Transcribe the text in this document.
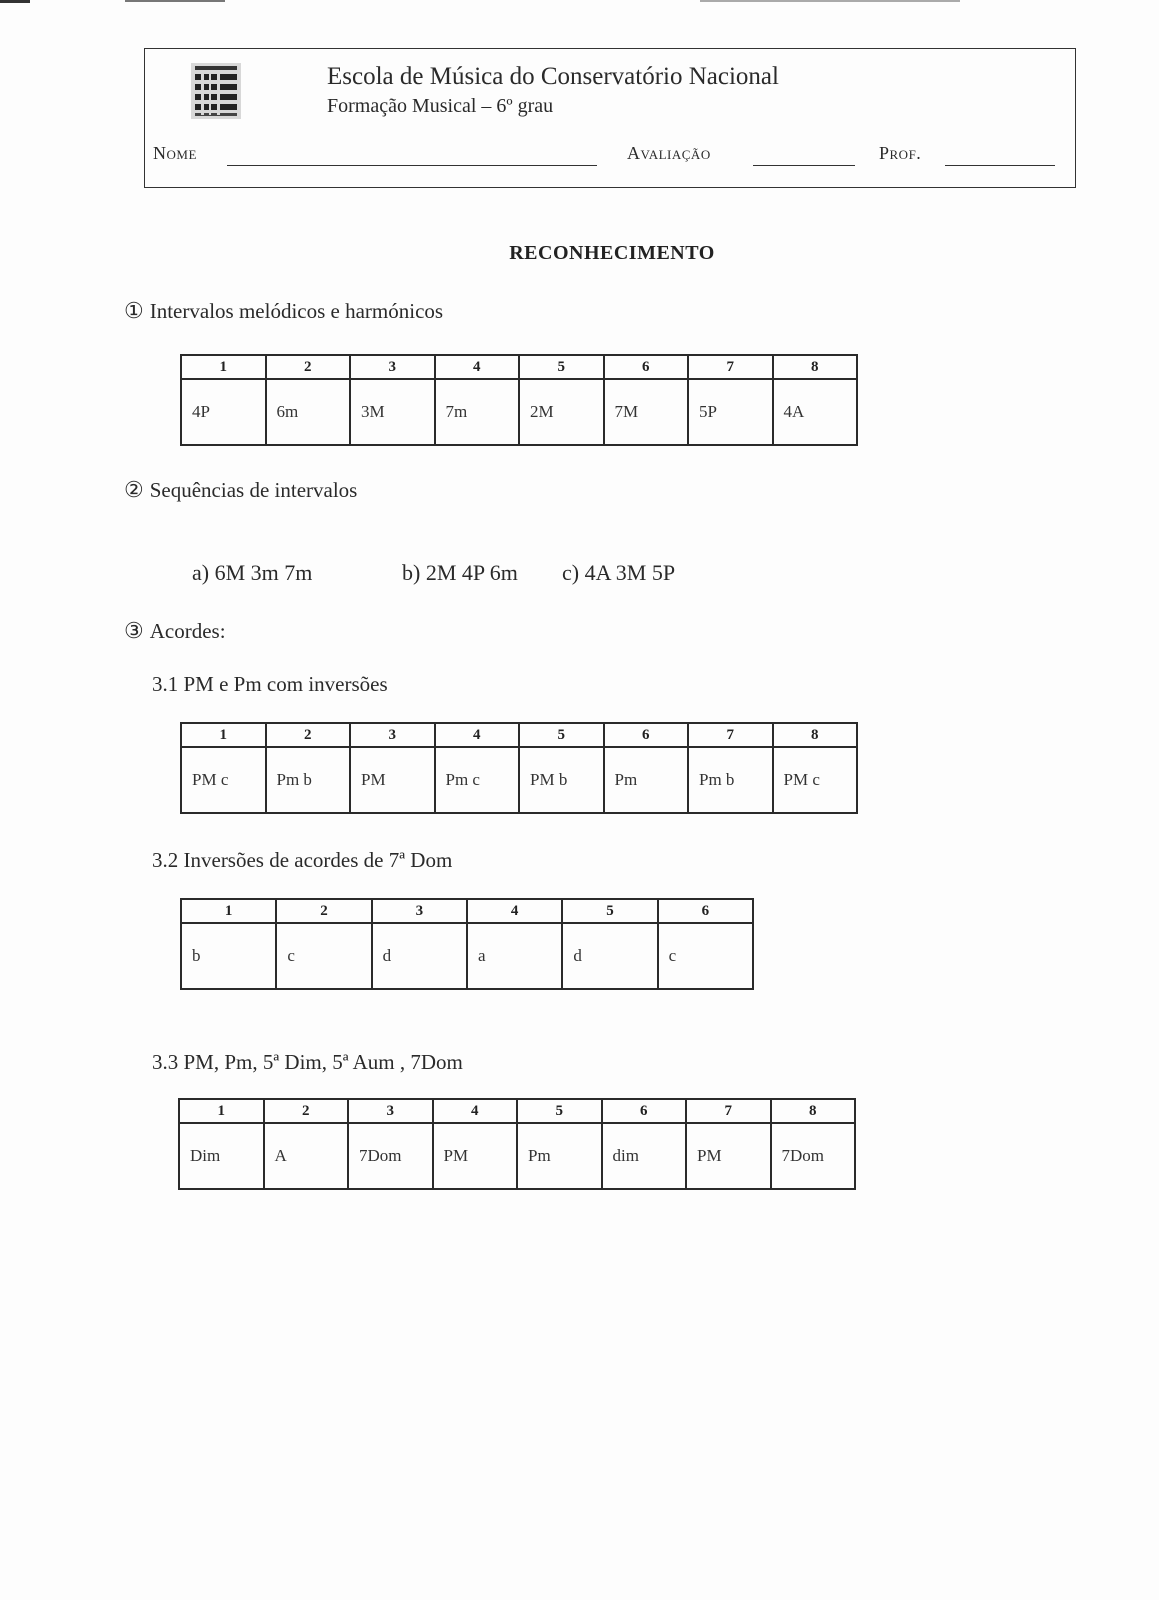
Escola de Música do Conservatório Nacional
Formação Musical – 6º grau
Nome	Avaliação	Prof.
RECONHECIMENTO
① Intervalos melódicos e harmónicos
1	2	3	4	5	6	7	8
4P	6m	3M	7m	2M	7M	5P	4A
② Sequências de intervalos
a) 6M 3m 7m	b) 2M 4P 6m c) 4A 3M 5P
③ Acordes:
3.1 PM e Pm com inversões
1	2	3	4	5	6	7	8
PM c	Pm b	PM	Pm c	PM b	Pm	Pm b	PM c
3.2 Inversões de acordes de 7ª Dom
1	2	3	4	5	6
b	c	d	a	d	c
3.3 PM, Pm, 5ª Dim, 5ª Aum , 7Dom
1	2	3	4	5	6	7	8
Dim	A	7Dom	PM	Pm	dim	PM	7Dom
